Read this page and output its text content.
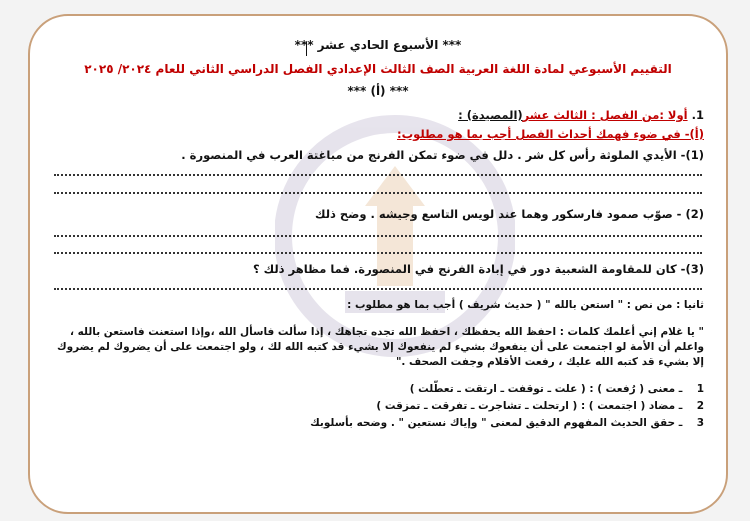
*** الأسبوع الحادي عشر ***
التقييم الأسبوعي لمادة اللغة العربية الصف الثالث الإعدادي الفصل الدراسي الثاني للعام ٢٠٢٤/ ٢٠٢٥
*** (أ) ***
1. أولا :من الفصل : الثالث عشر(المصيدة) :
(أ)- في ضوء فهمك أحداث الفصل أجب بما هو مطلوب:
(1)- الأيدي الملوثة رأس كل شر . دلل في ضوء تمكن الفرنج من مباغتة العرب في المنصورة .
(2) - صوّب صمود فارسكور وهما عند لويس التاسع وجيشه . وضح ذلك
(3)- كان للمقاومة الشعبية دور في إبادة الفرنج في المنصورة. فما مظاهر ذلك ؟
ثانيا : من نص : " استعن بالله " ( حديث شريف ) أجب بما هو مطلوب :
" يا غلام إني أعلمك كلمات : احفظ الله يحفظك ، احفظ الله تجده تجاهك ، إذا سألت فاسأل الله ،وإذا استعنت فاستعن بالله ، واعلم أن الأمة لو اجتمعت على أن ينفعوك بشيء لم ينفعوك إلا بشيء قد كتبه الله لك ، ولو اجتمعت على أن يضروك لم يضروك إلا بشيء قد كتبه الله عليك ، رفعت الأقلام وجفت الصحف ."
1 ـ معنى ( رُفعت ) : ( علت ـ توقفت ـ ارتقت ـ تعطّلت )
2 ـ مضاد ( اجتمعت ) : ( ارتحلت ـ تشاجرت ـ تفرقت ـ تمزقت )
3 ـ حقق الحديث المفهوم الدقيق لمعنى " وإياك نستعين " . وضحه بأسلوبك
